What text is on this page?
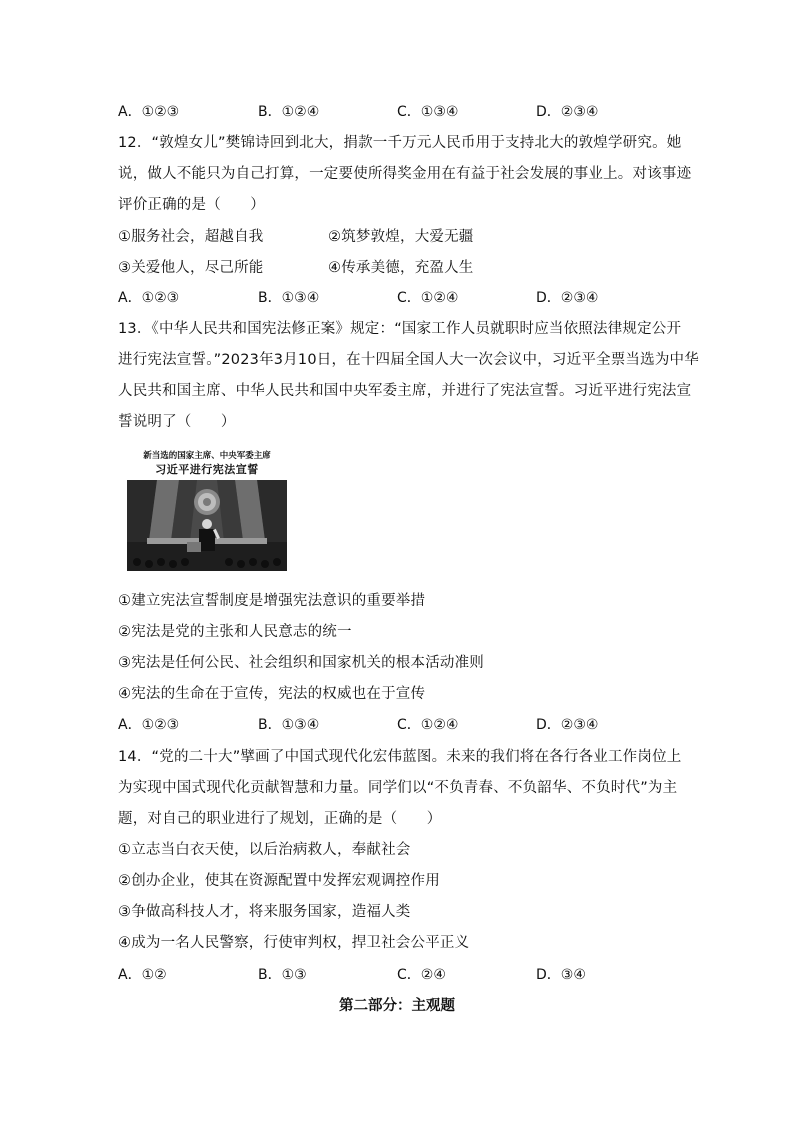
A．①②③	B．①②④	C．①③④	D．②③④
12．“敦煌女儿”樊锦诗回到北大，捐款一千万元人民币用于支持北大的敦煌学研究。她
说，做人不能只为自己打算，一定要使所得奖金用在有益于社会发展的事业上。对该事迹
评价正确的是（　　）
①服务社会，超越自我	②筑梦敦煌，大爱无疆
③关爱他人，尽己所能	④传承美德，充盈人生
A．①②③	B．①③④	C．①②④	D．②③④
13．《中华人民共和国宪法修正案》规定：“国家工作人员就职时应当依照法律规定公开
进行宪法宣誓。”2023年3月10日，在十四届全国人大一次会议中，习近平全票当选为中华
人民共和国主席、中华人民共和国中央军委主席，并进行了宪法宣誓。习近平进行宪法宣
誓说明了（　　）
新当选的国家主席、中央军委主席
习近平进行宪法宣誓
①建立宪法宣誓制度是增强宪法意识的重要举措
②宪法是党的主张和人民意志的统一
③宪法是任何公民、社会组织和国家机关的根本活动准则
④宪法的生命在于宣传，宪法的权威也在于宣传
A．①②③	B．①③④	C．①②④	D．②③④
14．“党的二十大”擘画了中国式现代化宏伟蓝图。未来的我们将在各行各业工作岗位上
为实现中国式现代化贡献智慧和力量。同学们以“不负青春、不负韶华、不负时代”为主
题，对自己的职业进行了规划，正确的是（　　）
①立志当白衣天使，以后治病救人，奉献社会
②创办企业，使其在资源配置中发挥宏观调控作用
③争做高科技人才，将来服务国家，造福人类
④成为一名人民警察，行使审判权，捍卫社会公平正义
A．①②	B．①③	C．②④	D．③④
第二部分：主观题
